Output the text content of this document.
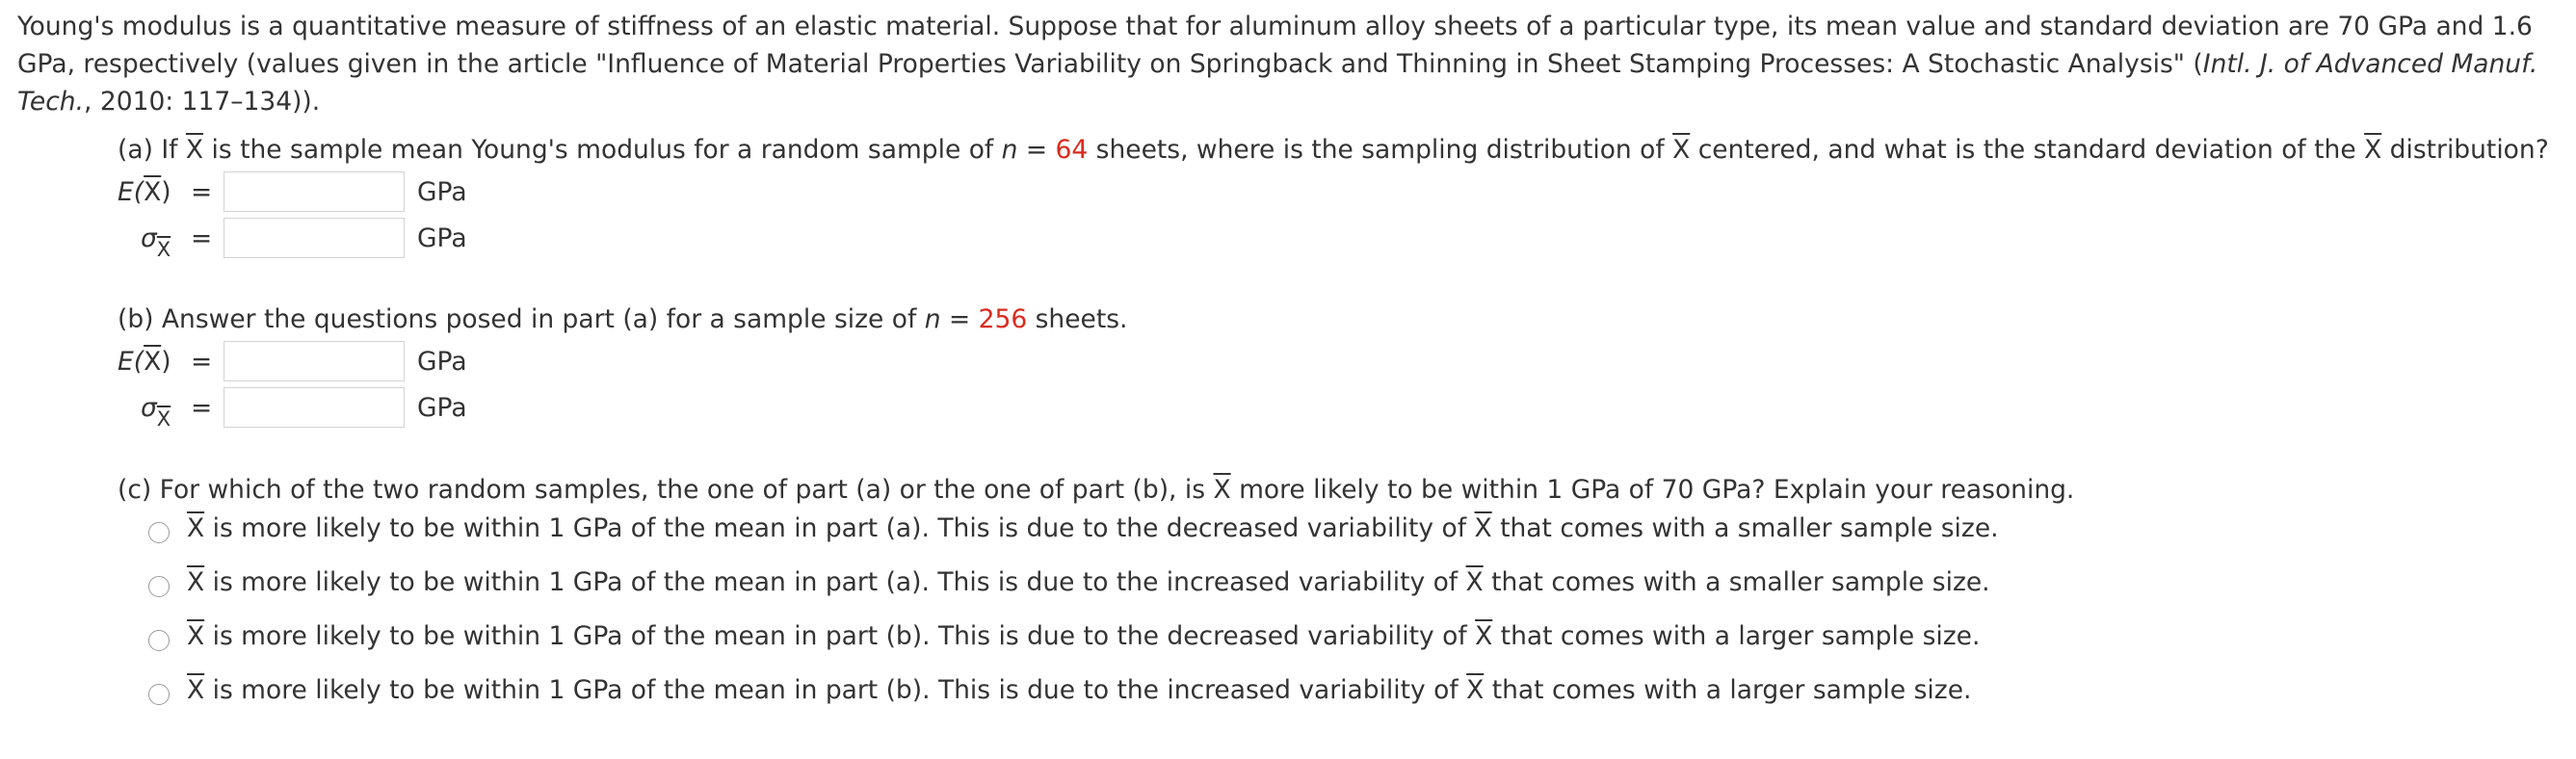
Young's modulus is a quantitative measure of stiffness of an elastic material. Suppose that for aluminum alloy sheets of a particular type, its mean value and standard deviation are 70 GPa and 1.6 GPa, respectively (values given in the article "Influence of Material Properties Variability on Springback and Thinning in Sheet Stamping Processes: A Stochastic Analysis" (Intl. J. of Advanced Manuf. Tech., 2010: 117–134)).
(a) If $\overline{X}$ is the sample mean Young's modulus for a random sample of n = 64 sheets, where is the sampling distribution of $\overline{X}$ centered, and what is the standard deviation of the $\overline{X}$ distribution?
$E(\overline{X})$ =	GPa
$\sigma_{\overline{X}}$ =	GPa
(b) Answer the questions posed in part (a) for a sample size of n = 256 sheets.
$E(\overline{X})$ =	GPa
$\sigma_{\overline{X}}$ =	GPa
(c) For which of the two random samples, the one of part (a) or the one of part (b), is $\overline{X}$ more likely to be within 1 GPa of 70 GPa? Explain your reasoning.
$\overline{X}$ is more likely to be within 1 GPa of the mean in part (a). This is due to the decreased variability of $\overline{X}$ that comes with a smaller sample size.
$\overline{X}$ is more likely to be within 1 GPa of the mean in part (a). This is due to the increased variability of $\overline{X}$ that comes with a smaller sample size.
$\overline{X}$ is more likely to be within 1 GPa of the mean in part (b). This is due to the decreased variability of $\overline{X}$ that comes with a larger sample size.
$\overline{X}$ is more likely to be within 1 GPa of the mean in part (b). This is due to the increased variability of $\overline{X}$ that comes with a larger sample size.
